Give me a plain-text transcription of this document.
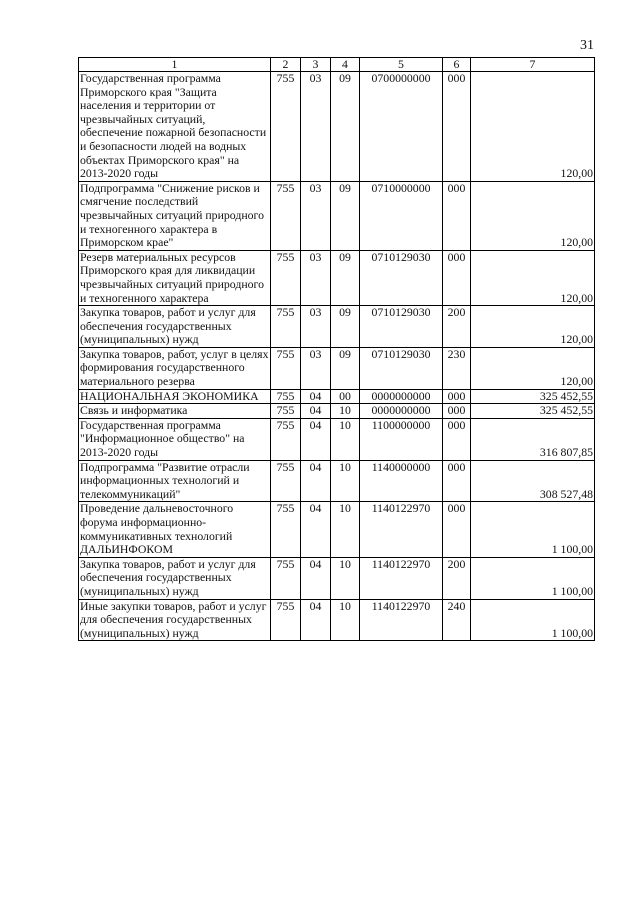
31
1	2	3	4	5	6	7
Государственная программа Приморского края "Защита населения и территории от чрезвычайных ситуаций, обеспечение пожарной безопасности и безопасности людей на водных объектах Приморского края" на 2013-2020 годы	755	03	09	0700000000	000	120,00
Подпрограмма "Снижение рисков и смягчение последствий чрезвычайных ситуаций природного и техногенного характера в Приморском крае"	755	03	09	0710000000	000	120,00
Резерв материальных ресурсов Приморского края для ликвидации чрезвычайных ситуаций природного и техногенного характера	755	03	09	0710129030	000	120,00
Закупка товаров, работ и услуг для обеспечения государственных (муниципальных) нужд	755	03	09	0710129030	200	120,00
Закупка товаров, работ, услуг в целях формирования государственного материального резерва	755	03	09	0710129030	230	120,00
НАЦИОНАЛЬНАЯ ЭКОНОМИКА	755	04	00	0000000000	000	325 452,55
Связь и информатика	755	04	10	0000000000	000	325 452,55
Государственная программа "Информационное общество" на 2013-2020 годы	755	04	10	1100000000	000	316 807,85
Подпрограмма "Развитие отрасли информационных технологий и телекоммуникаций"	755	04	10	1140000000	000	308 527,48
Проведение дальневосточного форума информационно-коммуникативных технологий ДАЛЬИНФОКОМ	755	04	10	1140122970	000	1 100,00
Закупка товаров, работ и услуг для обеспечения государственных (муниципальных) нужд	755	04	10	1140122970	200	1 100,00
Иные закупки товаров, работ и услуг для обеспечения государственных (муниципальных) нужд	755	04	10	1140122970	240	1 100,00
